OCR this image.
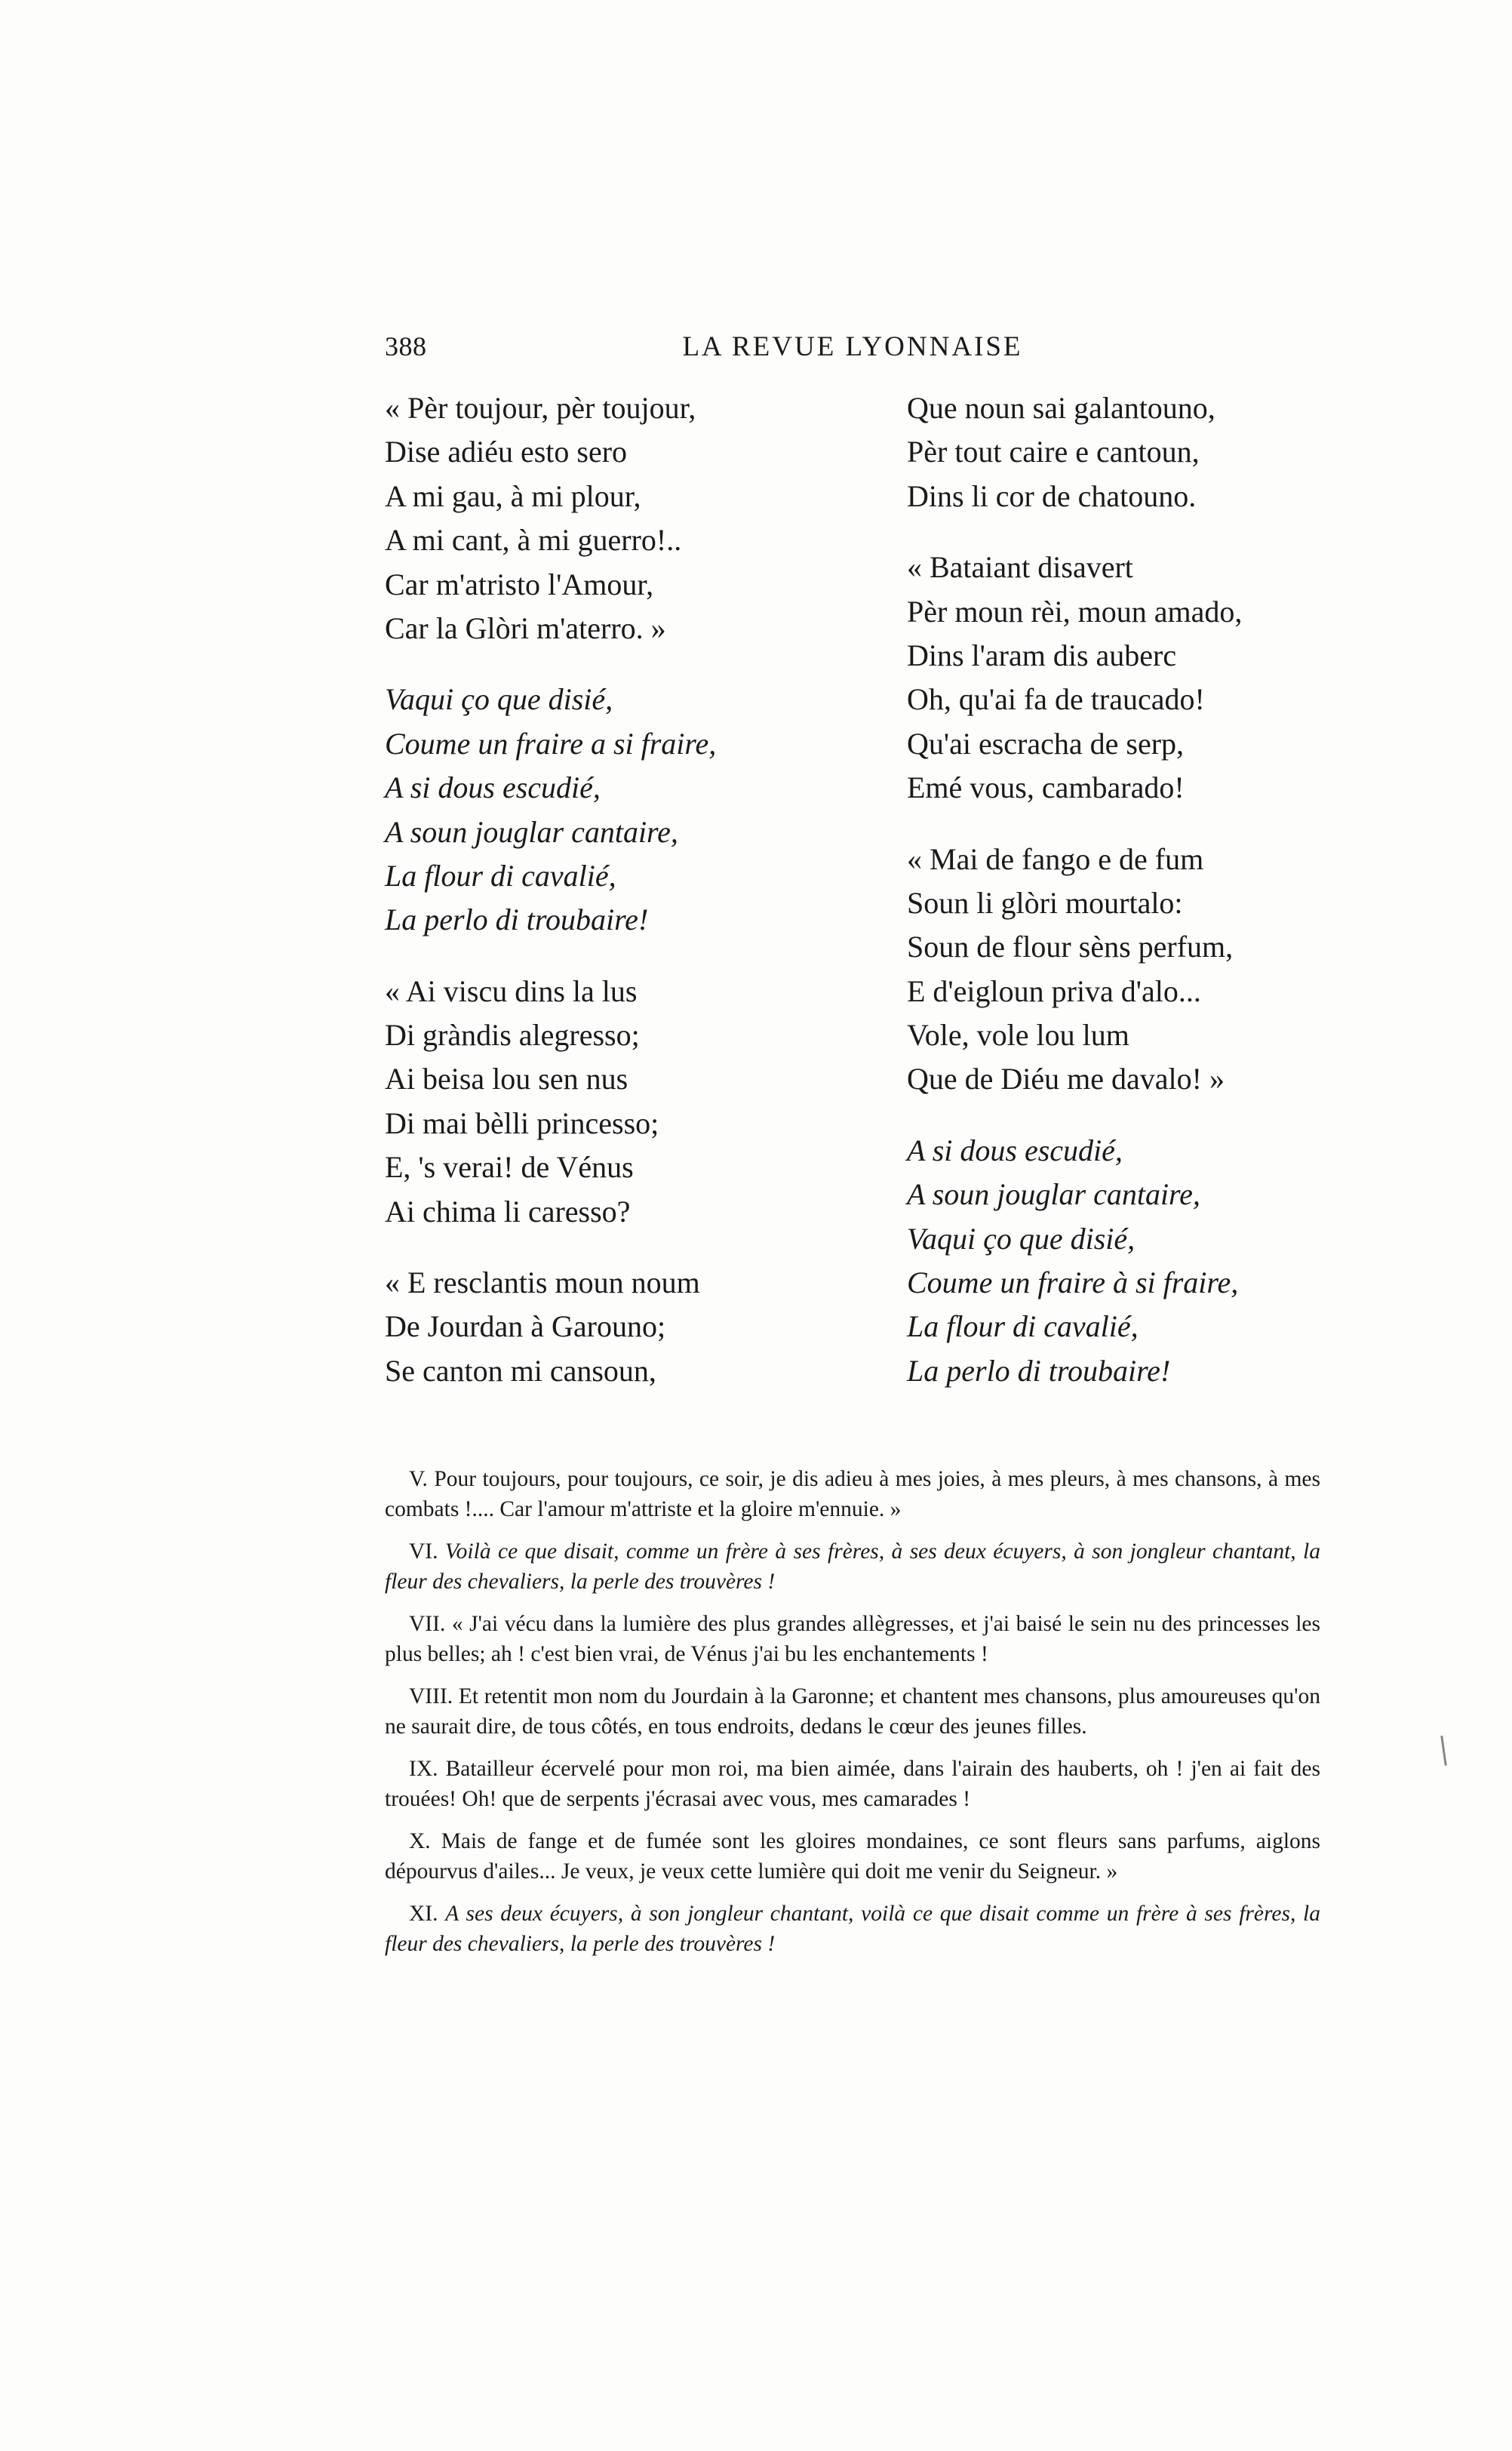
388	LA REVUE LYONNAISE
« Pèr toujour, pèr toujour,
Dise adiéu esto sero
A mi gau, à mi plour,
A mi cant, à mi guerro!..
Car m'atristo l'Amour,
Car la Glòri m'aterro. »
Vaqui ço que disié,
Coume un fraire a si fraire,
A si dous escudié,
A soun jouglar cantaire,
La flour di cavalié,
La perlo di troubaire!
« Ai viscu dins la lus
Di gràndis alegresso;
Ai beisa lou sen nus
Di mai bèlli princesso;
E, 's verai! de Vénus
Ai chima li caresso?
« E resclantis moun noum
De Jourdan à Garouno;
Se canton mi cansoun,
Que noun sai galantouno,
Pèr tout caire e cantoun,
Dins li cor de chatouno.
« Bataiant disavert
Pèr moun rèi, moun amado,
Dins l'aram dis auberc
Oh, qu'ai fa de traucado!
Qu'ai escracha de serp,
Emé vous, cambarado!
« Mai de fango e de fum
Soun li glòri mourtalo:
Soun de flour sèns perfum,
E d'eigloun priva d'alo...
Vole, vole lou lum
Que de Diéu me davalo! »
A si dous escudié,
A soun jouglar cantaire,
Vaqui ço que disié,
Coume un fraire à si fraire,
La flour di cavalié,
La perlo di troubaire!

V. Pour toujours, pour toujours, ce soir, je dis adieu à mes joies, à mes pleurs, à mes chansons, à mes combats !.... Car l'amour m'attriste et la gloire m'ennuie. »

VI. Voilà ce que disait, comme un frère à ses frères, à ses deux écuyers, à son jongleur chantant, la fleur des chevaliers, la perle des trouvères !

VII. « J'ai vécu dans la lumière des plus grandes allègresses, et j'ai baisé le sein nu des princesses les plus belles; ah ! c'est bien vrai, de Vénus j'ai bu les enchantements !

VIII. Et retentit mon nom du Jourdain à la Garonne; et chantent mes chansons, plus amoureuses qu'on ne saurait dire, de tous côtés, en tous endroits, dedans le cœur des jeunes filles.

IX. Batailleur écervelé pour mon roi, ma bien aimée, dans l'airain des hauberts, oh ! j'en ai fait des trouées! Oh! que de serpents j'écrasai avec vous, mes camarades !

X. Mais de fange et de fumée sont les gloires mondaines, ce sont fleurs sans parfums, aiglons dépourvus d'ailes... Je veux, je veux cette lumière qui doit me venir du Seigneur. »

XI. A ses deux écuyers, à son jongleur chantant, voilà ce que disait comme un frère à ses frères, la fleur des chevaliers, la perle des trouvères !
